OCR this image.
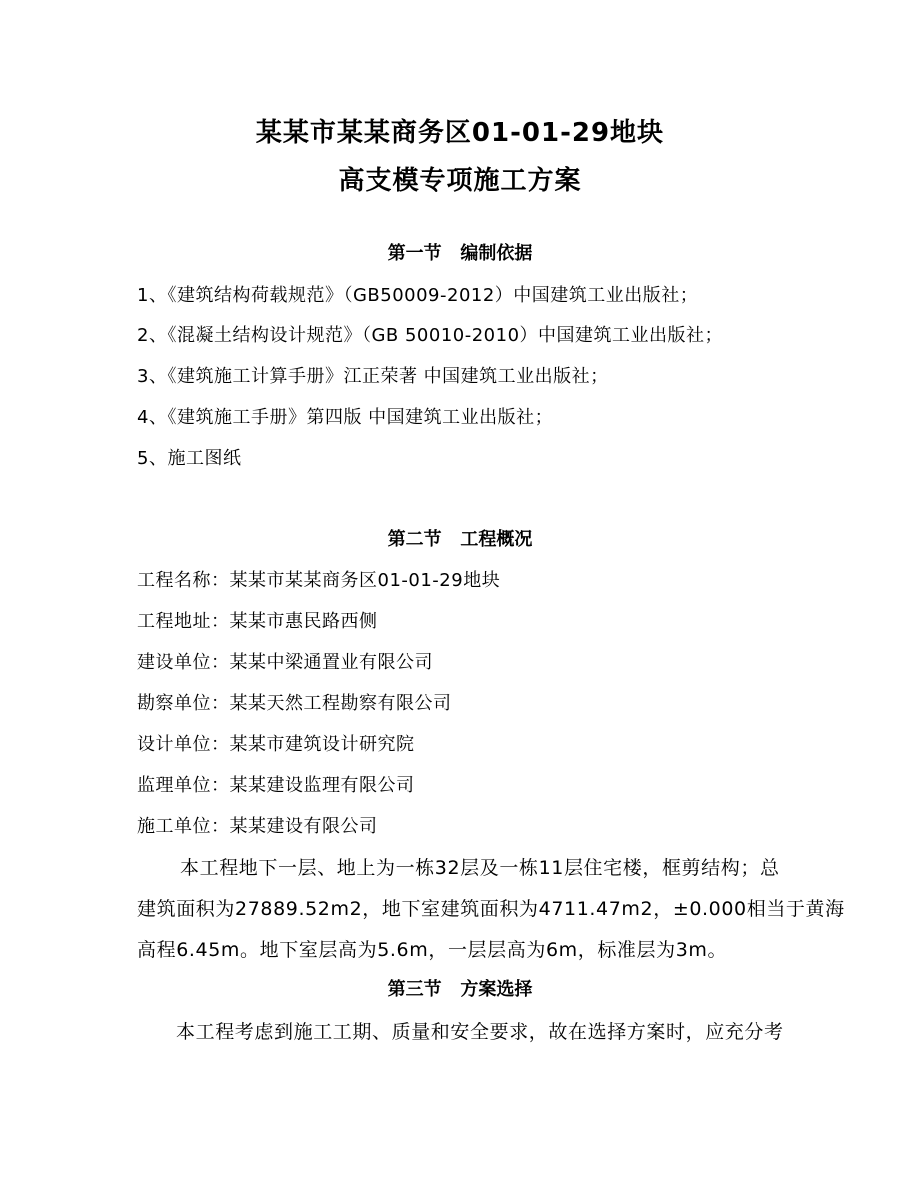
某某市某某商务区01-01-29地块
高支模专项施工方案
第一节   编制依据
1、《建筑结构荷载规范》（GB50009-2012）中国建筑工业出版社；
2、《混凝土结构设计规范》（GB 50010-2010）中国建筑工业出版社；
3、《建筑施工计算手册》江正荣著 中国建筑工业出版社；
4、《建筑施工手册》第四版 中国建筑工业出版社；
5、施工图纸
第二节   工程概况
工程名称：某某市某某商务区01-01-29地块
工程地址：某某市惠民路西侧
建设单位：某某中梁通置业有限公司
勘察单位：某某天然工程勘察有限公司
设计单位：某某市建筑设计研究院
监理单位：某某建设监理有限公司
施工单位：某某建设有限公司
本工程地下一层、地上为一栋32层及一栋11层住宅楼，框剪结构；总
建筑面积为27889.52m2，地下室建筑面积为4711.47m2，±0.000相当于黄海
高程6.45m。地下室层高为5.6m，一层层高为6m，标准层为3m。
第三节   方案选择
本工程考虑到施工工期、质量和安全要求，故在选择方案时，应充分考
